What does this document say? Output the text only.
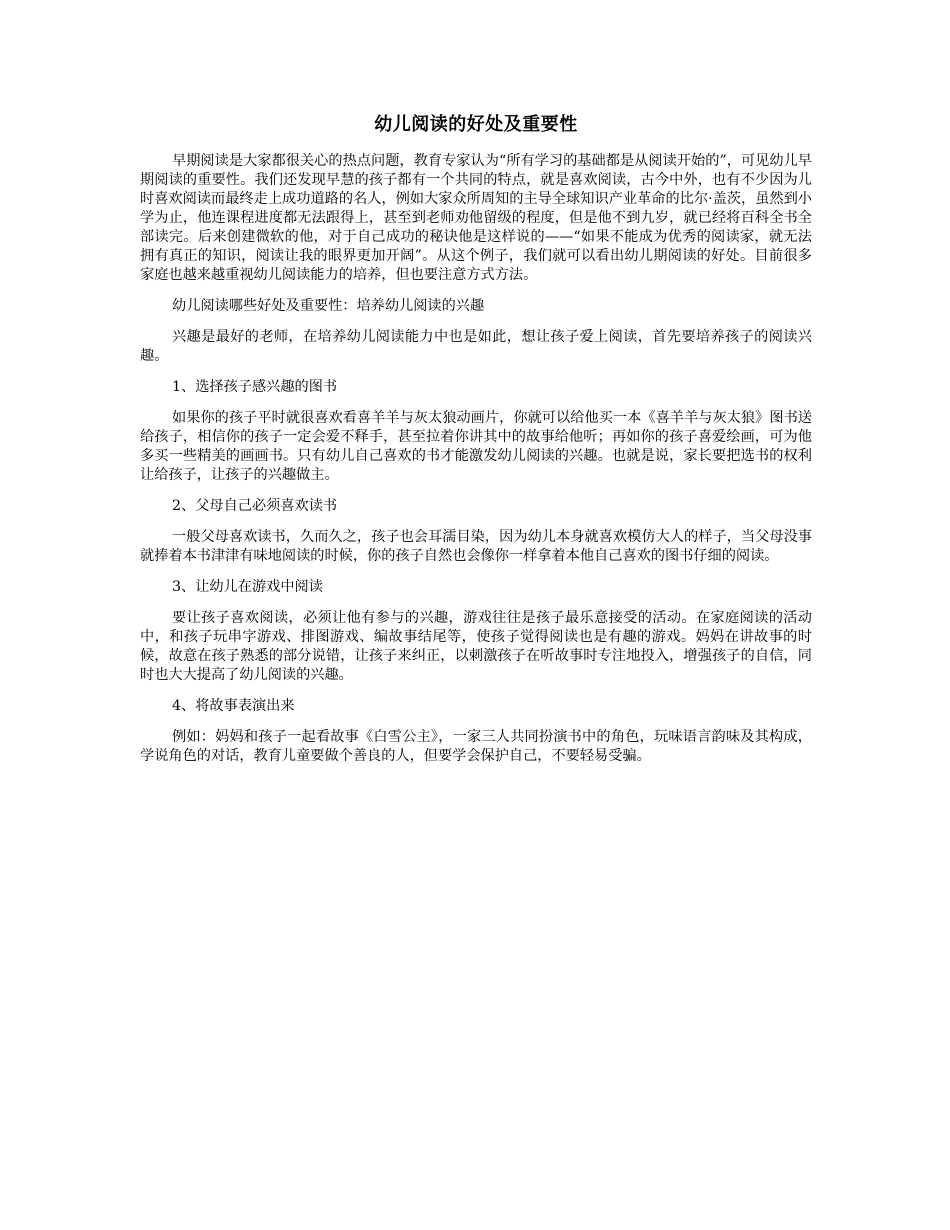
幼儿阅读的好处及重要性

早期阅读是大家都很关心的热点问题，教育专家认为“所有学习的基础都是从阅读开始的”，可见幼儿早期阅读的重要性。我们还发现早慧的孩子都有一个共同的特点，就是喜欢阅读，古今中外，也有不少因为儿时喜欢阅读而最终走上成功道路的名人，例如大家众所周知的主导全球知识产业革命的比尔·盖茨，虽然到小学为止，他连课程进度都无法跟得上，甚至到老师劝他留级的程度，但是他不到九岁，就已经将百科全书全部读完。后来创建微软的他，对于自己成功的秘诀他是这样说的——“如果不能成为优秀的阅读家，就无法拥有真正的知识，阅读让我的眼界更加开阔”。从这个例子，我们就可以看出幼儿期阅读的好处。目前很多家庭也越来越重视幼儿阅读能力的培养，但也要注意方式方法。

幼儿阅读哪些好处及重要性：培养幼儿阅读的兴趣

兴趣是最好的老师，在培养幼儿阅读能力中也是如此，想让孩子爱上阅读，首先要培养孩子的阅读兴趣。

1、选择孩子感兴趣的图书

如果你的孩子平时就很喜欢看喜羊羊与灰太狼动画片，你就可以给他买一本《喜羊羊与灰太狼》图书送给孩子，相信你的孩子一定会爱不释手，甚至拉着你讲其中的故事给他听；再如你的孩子喜爱绘画，可为他多买一些精美的画画书。只有幼儿自己喜欢的书才能激发幼儿阅读的兴趣。也就是说，家长要把选书的权利让给孩子，让孩子的兴趣做主。

2、父母自己必须喜欢读书

一般父母喜欢读书，久而久之，孩子也会耳濡目染，因为幼儿本身就喜欢模仿大人的样子，当父母没事就捧着本书津津有味地阅读的时候，你的孩子自然也会像你一样拿着本他自己喜欢的图书仔细的阅读。

3、让幼儿在游戏中阅读

要让孩子喜欢阅读，必须让他有参与的兴趣，游戏往往是孩子最乐意接受的活动。在家庭阅读的活动中，和孩子玩串字游戏、排图游戏、编故事结尾等，使孩子觉得阅读也是有趣的游戏。妈妈在讲故事的时候，故意在孩子熟悉的部分说错，让孩子来纠正，以刺激孩子在听故事时专注地投入，增强孩子的自信，同时也大大提高了幼儿阅读的兴趣。

4、将故事表演出来

例如：妈妈和孩子一起看故事《白雪公主》，一家三人共同扮演书中的角色，玩味语言韵味及其构成，学说角色的对话，教育儿童要做个善良的人，但要学会保护自己，不要轻易受骗。
